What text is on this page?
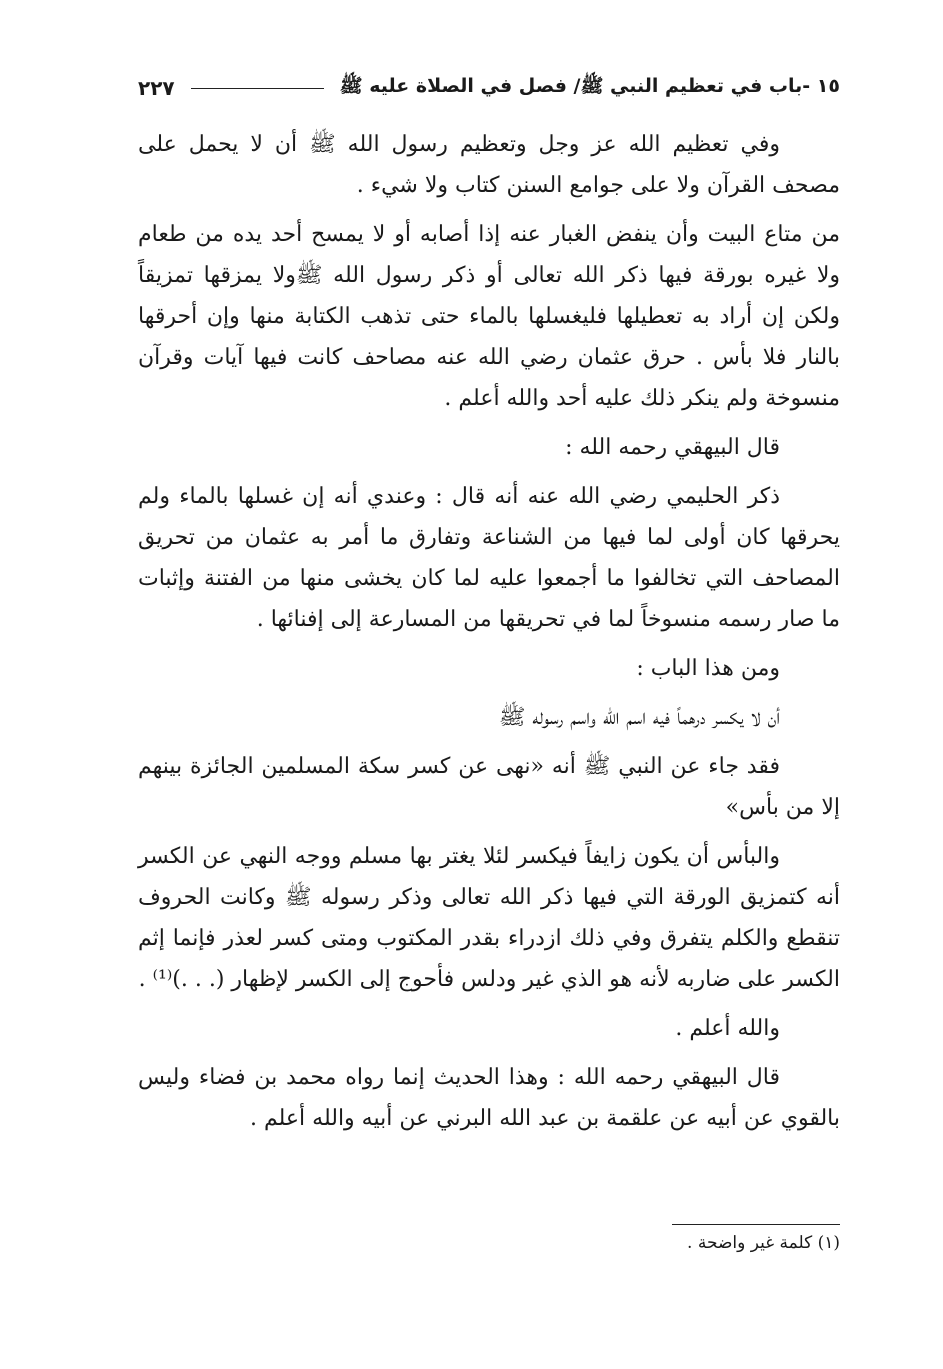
١٥ -باب في تعظيم النبي ﷺ/ فصل في الصلاة عليه ﷺ
٢٢٧

وفي تعظيم الله عز وجل وتعظيم رسول الله ﷺ أن لا يحمل على مصحف القرآن ولا على جوامع السنن كتاب ولا شيء .

من متاع البيت وأن ينفض الغبار عنه إذا أصابه أو لا يمسح أحد يده من طعام ولا غيره بورقة فيها ذكر الله تعالى أو ذكر رسول الله ﷺولا يمزقها تمزيقاً ولكن إن أراد به تعطيلها فليغسلها بالماء حتى تذهب الكتابة منها وإن أحرقها بالنار فلا بأس . حرق عثمان رضي الله عنه مصاحف كانت فيها آيات وقرآن منسوخة ولم ينكر ذلك عليه أحد والله أعلم .

قال البيهقي رحمه الله :

ذكر الحليمي رضي الله عنه أنه قال : وعندي أنه إن غسلها بالماء ولم يحرقها كان أولى لما فيها من الشناعة وتفارق ما أمر به عثمان من تحريق المصاحف التي تخالفوا ما أجمعوا عليه لما كان يخشى منها من الفتنة وإثبات ما صار رسمه منسوخاً لما في تحريقها من المسارعة إلى إفنائها .

ومن هذا الباب :

أن لا يكسر درهماً فيه اسم الله واسم رسوله ﷺ

فقد جاء عن النبي ﷺ أنه «نهى عن كسر سكة المسلمين الجائزة بينهم إلا من بأس»

والبأس أن يكون زايفاً فيكسر لئلا يغتر بها مسلم ووجه النهي عن الكسر أنه كتمزيق الورقة التي فيها ذكر الله تعالى وذكر رسوله ﷺ وكانت الحروف تنقطع والكلم يتفرق وفي ذلك ازدراء بقدر المكتوب ومتى كسر لعذر فإنما إثم الكسر على ضاربه لأنه هو الذي غير ودلس فأحوج إلى الكسر لإظهار (. . .)⁽¹⁾ .

والله أعلم .

قال البيهقي رحمه الله : وهذا الحديث إنما رواه محمد بن فضاء وليس بالقوي عن أبيه عن علقمة بن عبد الله البرني عن أبيه والله أعلم .

(١) كلمة غير واضحة .
